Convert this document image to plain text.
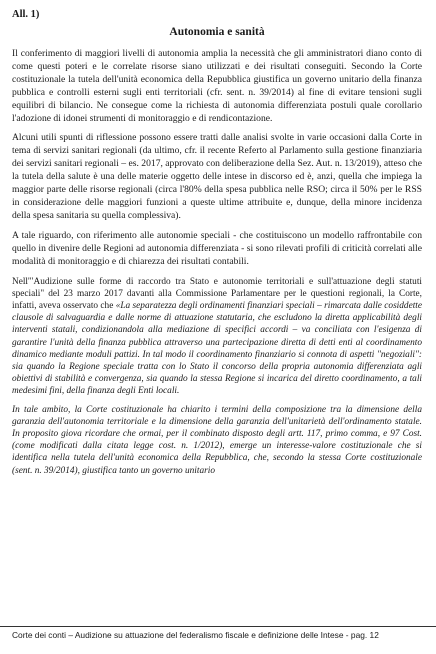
All. 1)
Autonomia e sanità

Il conferimento di maggiori livelli di autonomia amplia la necessità che gli amministratori diano conto di come questi poteri e le correlate risorse siano utilizzati e dei risultati conseguiti. Secondo la Corte costituzionale la tutela dell'unità economica della Repubblica giustifica un governo unitario della finanza pubblica e controlli esterni sugli enti territoriali (cfr. sent. n. 39/2014) al fine di evitare tensioni sugli equilibri di bilancio. Ne consegue come la richiesta di autonomia differenziata postuli quale corollario l'adozione di idonei strumenti di monitoraggio e di rendicontazione.

Alcuni utili spunti di riflessione possono essere tratti dalle analisi svolte in varie occasioni dalla Corte in tema di servizi sanitari regionali (da ultimo, cfr. il recente Referto al Parlamento sulla gestione finanziaria dei servizi sanitari regionali – es. 2017, approvato con deliberazione della Sez. Aut. n. 13/2019), atteso che la tutela della salute è una delle materie oggetto delle intese in discorso ed è, anzi, quella che impiega la maggior parte delle risorse regionali (circa l'80% della spesa pubblica nelle RSO; circa il 50% per le RSS in considerazione delle maggiori funzioni a queste ultime attribuite e, dunque, della minore incidenza della spesa sanitaria su quella complessiva).

A tale riguardo, con riferimento alle autonomie speciali - che costituiscono un modello raffrontabile con quello in divenire delle Regioni ad autonomia differenziata - si sono rilevati profili di criticità correlati alle modalità di monitoraggio e di chiarezza dei risultati contabili.

Nell'"Audizione sulle forme di raccordo tra Stato e autonomie territoriali e sull'attuazione degli statuti speciali" del 23 marzo 2017 davanti alla Commissione Parlamentare per le questioni regionali, la Corte, infatti, aveva osservato che «La separatezza degli ordinamenti finanziari speciali – rimarcata dalle cosiddette clausole di salvaguardia e dalle norme di attuazione statutaria, che escludono la diretta applicabilità degli interventi statali, condizionandola alla mediazione di specifici accordi – va conciliata con l'esigenza di garantire l'unità della finanza pubblica attraverso una partecipazione diretta di detti enti al coordinamento dinamico mediante moduli pattizi. In tal modo il coordinamento finanziario si connota di aspetti "negoziali": sia quando la Regione speciale tratta con lo Stato il concorso della propria autonomia differenziata agli obiettivi di stabilità e convergenza, sia quando la stessa Regione si incarica del diretto coordinamento, a tali medesimi fini, della finanza degli Enti locali.

In tale ambito, la Corte costituzionale ha chiarito i termini della composizione tra la dimensione della garanzia dell'autonomia territoriale e la dimensione della garanzia dell'unitarietà dell'ordinamento statale. In proposito giova ricordare che ormai, per il combinato disposto degli artt. 117, primo comma, e 97 Cost. (come modificati dalla citata legge cost. n. 1/2012), emerge un interesse-valore costituzionale che si identifica nella tutela dell'unità economica della Repubblica, che, secondo la stessa Corte costituzionale (sent. n. 39/2014), giustifica tanto un governo unitario

Corte dei conti – Audizione su attuazione del federalismo fiscale e definizione delle Intese - pag. 12
